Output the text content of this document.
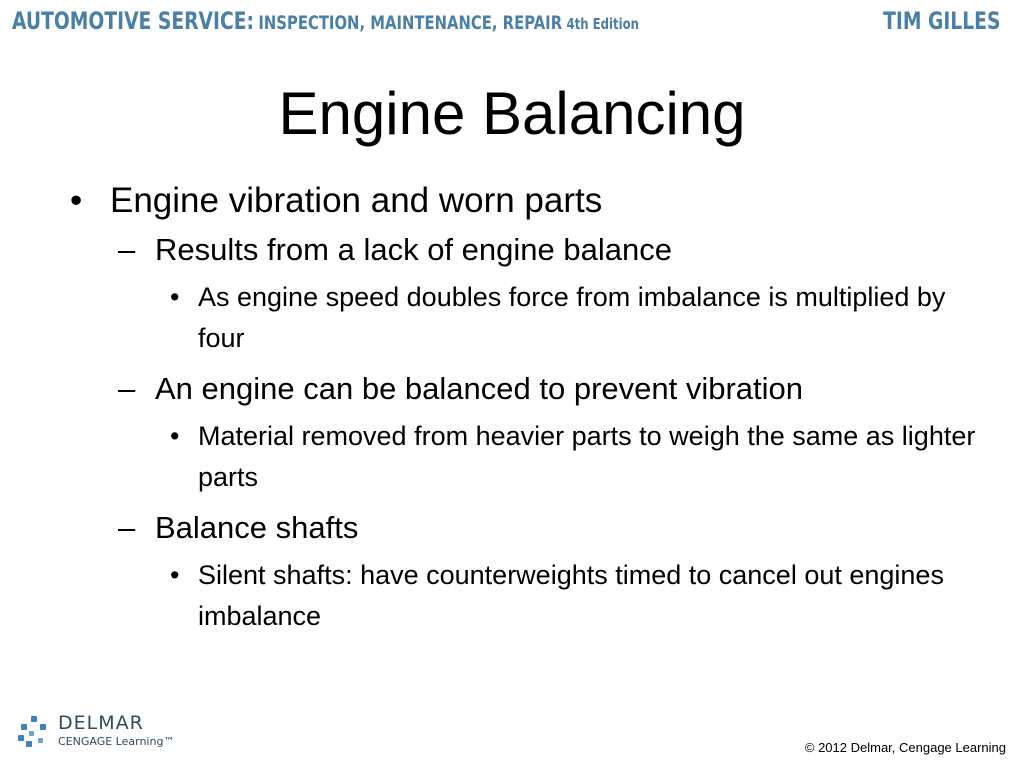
AUTOMOTIVE SERVICE: INSPECTION, MAINTENANCE, REPAIR 4th Edition	TIM GILLES
Engine Balancing

• Engine vibration and worn parts

– Results from a lack of engine balance

• As engine speed doubles force from imbalance is multiplied by four

– An engine can be balanced to prevent vibration

• Material removed from heavier parts to weigh the same as lighter parts

– Balance shafts

• Silent shafts: have counterweights timed to cancel out engines imbalance

DELMAR
CENGAGE Learning™	© 2012 Delmar, Cengage Learning
